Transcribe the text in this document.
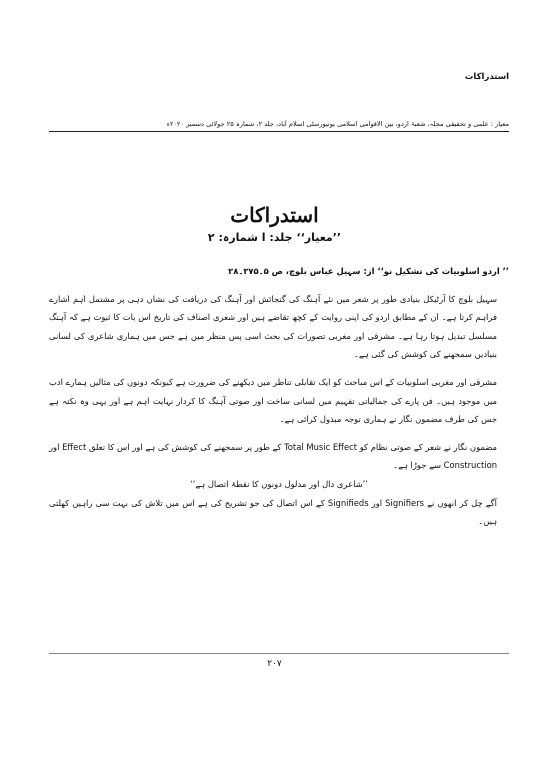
استدراکات
معیار : علمی و تحقیقی مجلہ، شعبۂ اردو، بین الاقوامی اسلامی یونیورسٹی اسلام آباد، جلد ۲، شمارہ ۲۵ جولائی دسمبر ۲۰۲۰ء
استدراکات
’’معیار‘‘ جلد: ا شمارہ: ۲

’’ اردو اسلوبیات کی تشکیل نو‘‘ از: سہیل عباس بلوچ، ص ۵۔۲۷۵۔۲۸

سہیل بلوچ کا آرٹیکل بنیادی طور پر شعر میں نئے آہنگ کی گنجائش اور آہنگ کی دریافت کی نشان دہی پر مشتمل اہم اشارے فراہم کرتا ہے۔ ان کے مطابق اردو کی اپنی روایت کے کچھ تقاضے ہیں اور شعری اصناف کی تاریخ اس بات کا ثبوت ہے کہ آہنگ مسلسل تبدیل ہوتا رہا ہے۔ مشرقی اور مغربی تصورات کی بحث اسی پس منظر میں ہے جس میں ہماری شاعری کی لسانی بنیادیں سمجھنے کی کوشش کی گئی ہے۔

مشرقی اور مغربی اسلوبیات کے اس مباحث کو ایک تقابلی تناظر میں دیکھنے کی ضرورت ہے کیونکہ دونوں کی مثالیں ہمارے ادب میں موجود ہیں۔ فن پارے کی جمالیاتی تفہیم میں لسانی ساخت اور صوتی آہنگ کا کردار نہایت اہم ہے اور یہی وہ نکتہ ہے جس کی طرف مضمون نگار نے ہماری توجہ مبذول کرائی ہے۔

مضمون نگار نے شعر کے صوتی نظام کو Total Music Effect کے طور پر سمجھنے کی کوشش کی ہے اور اس کا تعلق Effect اور Construction سے جوڑا ہے۔

’’شاعری دال اور مدلول دونوں کا نقطۂ اتصال ہے‘‘

آگے چل کر انھوں نے Signifiers اور Signifieds کے اس اتصال کی جو تشریح کی ہے اس میں تلاش کی بہت سی راہیں کھلتی ہیں۔

۲۰۷
